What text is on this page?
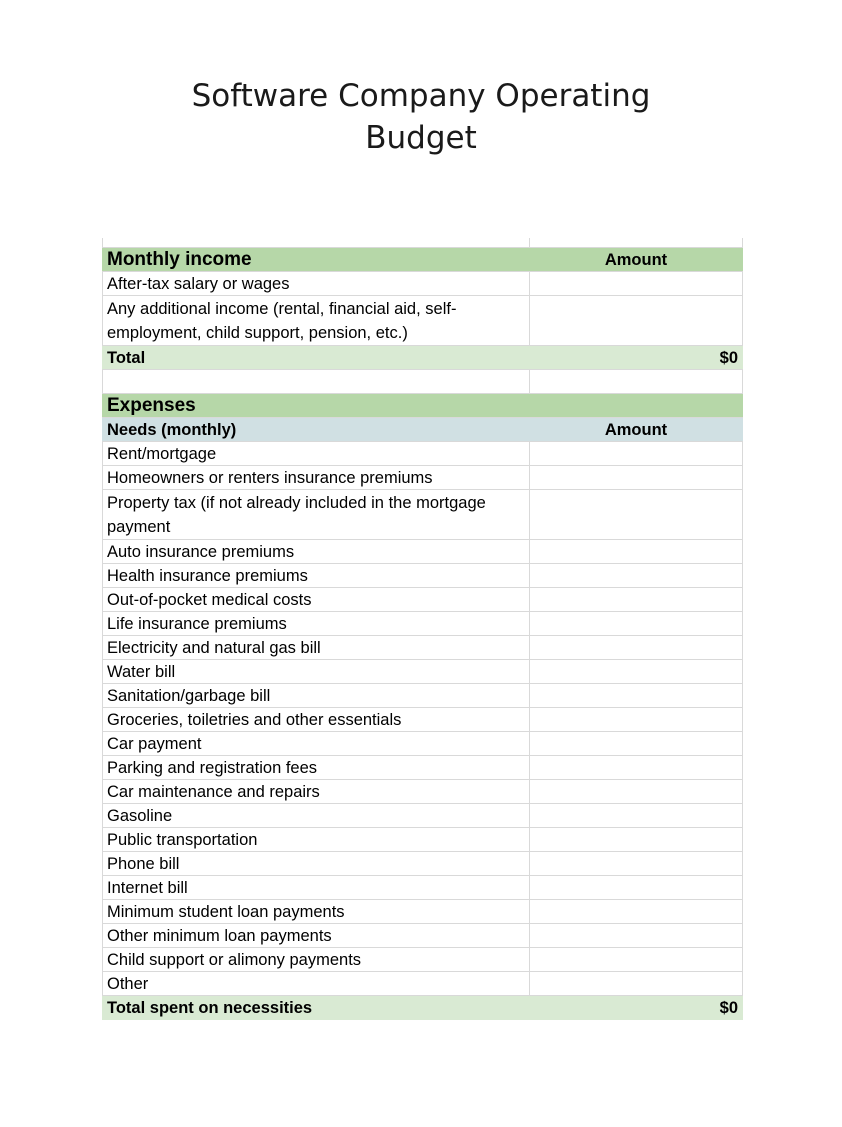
Software Company Operating
Budget
Monthly income	Amount
After-tax salary or wages
Any additional income (rental, financial aid, self-employment, child support, pension, etc.)
Total	$0
Expenses
Needs (monthly)	Amount
Rent/mortgage
Homeowners or renters insurance premiums
Property tax (if not already included in the mortgage payment
Auto insurance premiums
Health insurance premiums
Out-of-pocket medical costs
Life insurance premiums
Electricity and natural gas bill
Water bill
Sanitation/garbage bill
Groceries, toiletries and other essentials
Car payment
Parking and registration fees
Car maintenance and repairs
Gasoline
Public transportation
Phone bill
Internet bill
Minimum student loan payments
Other minimum loan payments
Child support or alimony payments
Other
Total spent on necessities	$0
